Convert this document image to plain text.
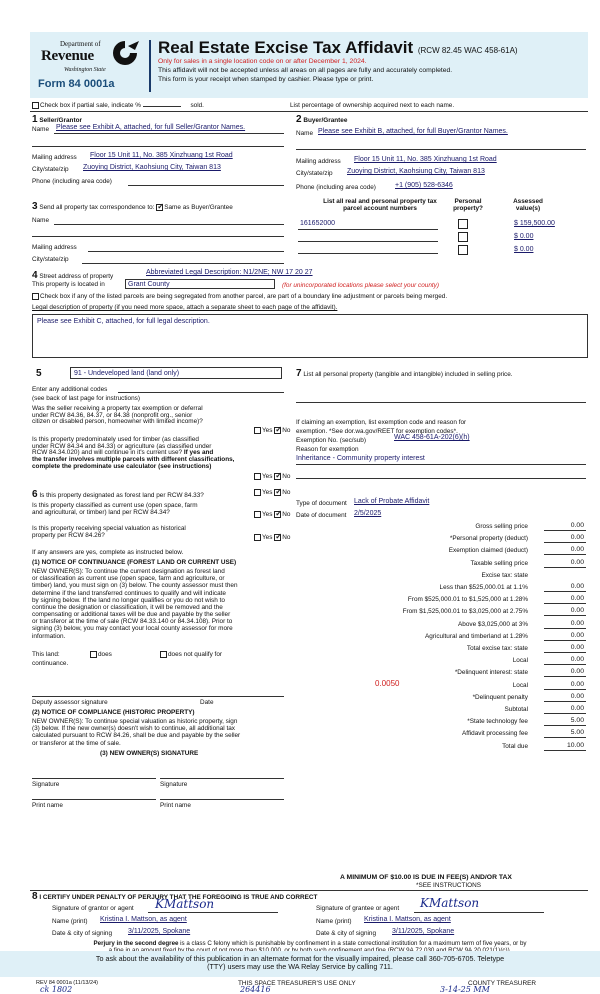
Department of
Revenue
Washington State
Form 84 0001a
Real Estate Excise Tax Affidavit (RCW 82.45 WAC 458-61A)
Only for sales in a single location code on or after December 1, 2024.
This affidavit will not be accepted unless all areas on all pages are fully and accurately completed.
This form is your receipt when stamped by cashier. Please type or print.
Check box if partial sale, indicate %	sold.	List percentage of ownership acquired next to each name.
1 Seller/Grantor
Name Please see Exhibit A, attached, for full Seller/Grantor Names.
Mailing address Floor 15 Unit 11, No. 385 Xinzhuang 1st Road
City/state/zip Zuoying District, Kaohsiung City, Taiwan 813
Phone (including area code)
2 Buyer/Grantee
Name Please see Exhibit B, attached, for full Buyer/Grantor Names.
Mailing address Floor 15 Unit 11, No. 385 Xinzhuang 1st Road
City/state/zip Zuoying District, Kaohsiung City, Taiwan 813
Phone (including area code)	+1 (905) 528-6346
3 Send all property tax correspondence to: ✓ Same as Buyer/Grantee
Name
Mailing address
City/state/zip
List all real and personal property tax
parcel account numbers
Personal
property?
Assessed
value(s)
161652000	$ 159,500.00
$ 0.00
$ 0.00
4 Street address of property
Abbreviated Legal Description: N1/2NE; NW 17 20 27
This property is located in	Grant County	(for unincorporated locations please select your county)
Check box if any of the listed parcels are being segregated from another parcel, are part of a boundary line adjustment or parcels being merged.
Legal description of property (if you need more space, attach a separate sheet to each page of the affidavit).
Please see Exhibit C, attached, for full legal description.
5	91 - Undeveloped land (land only)
Enter any additional codes
(see back of last page for instructions)
Was the seller receiving a property tax exemption or deferral
under RCW 84.36, 84.37, or 84.38 (nonprofit org., senior
citizen or disabled person, homeowner with limited income)?
Yes ✓ No
Is this property predominately used for timber (as classified
under RCW 84.34 and 84.33) or agriculture (as classified under
RCW 84.34.020) and will continue in it's current use? If yes and
the transfer involves multiple parcels with different classifications,
complete the predominate use calculator (see instructions)
Yes ✓ No
6 Is this property designated as forest land per RCW 84.33?	Yes ✓ No
Is this property classified as current use (open space, farm
and agricultural, or timber) land per RCW 84.34?	Yes ✓ No
Is this property receiving special valuation as historical
property per RCW 84.26?	Yes ✓ No
If any answers are yes, complete as instructed below.
(1) NOTICE OF CONTINUANCE (FOREST LAND OR CURRENT USE)
NEW OWNER(S): To continue the current designation as forest land
or classification as current use (open space, farm and agriculture, or
timber) land, you must sign on (3) below. The county assessor must then
determine if the land transferred continues to qualify and will indicate
by signing below. If the land no longer qualifies or you do not wish to
continue the designation or classification, it will be removed and the
compensating or additional taxes will be due and payable by the seller
or transferor at the time of sale (RCW 84.33.140 or 84.34.108). Prior to
signing (3) below, you may contact your local county assessor for more
information.
This land:	does	does not qualify for
continuance.
Deputy assessor signature	Date
(2) NOTICE OF COMPLIANCE (HISTORIC PROPERTY)
NEW OWNER(S): To continue special valuation as historic property, sign
(3) below. If the new owner(s) doesn't wish to continue, all additional tax
calculated pursuant to RCW 84.26, shall be due and payable by the seller
or transferor at the time of sale.
(3) NEW OWNER(S) SIGNATURE
Signature	Signature
Print name	Print name
7 List all personal property (tangible and intangible) included in selling price.
If claiming an exemption, list exemption code and reason for
exemption. *See dor.wa.gov/REET for exemption codes*.
Exemption No. (sec/sub)	WAC 458-61A-202(6)(h)
Reason for exemption
Inheritance - Community property interest
Type of document Lack of Probate Affidavit
Date of document 2/5/2025
Gross selling price	0.00
*Personal property (deduct)	0.00
Exemption claimed (deduct)	0.00
Taxable selling price	0.00
Excise tax: state
Less than $525,000.01 at 1.1%	0.00
From $525,000.01 to $1,525,000 at 1.28%	0.00
From $1,525,000.01 to $3,025,000 at 2.75%	0.00
Above $3,025,000 at 3%	0.00
Agricultural and timberland at 1.28%	0.00
Total excise tax: state	0.00
Local	0.00
*Delinquent interest: state	0.00
Local	0.00
*Delinquent penalty	0.00
Subtotal	0.00
*State technology fee	5.00
Affidavit processing fee	5.00
Total due	10.00
0.0050
A MINIMUM OF $10.00 IS DUE IN FEE(S) AND/OR TAX
*SEE INSTRUCTIONS
8 I CERTIFY UNDER PENALTY OF PERJURY THAT THE FOREGOING IS TRUE AND CORRECT
Signature of grantor or agent KMattson
Name (print) Kristina I. Mattson, as agent
Date & city of signing 3/11/2025, Spokane
Signature of grantee or agent KMattson
Name (print) Kristina I. Mattson, as agent
Date & city of signing 3/11/2025, Spokane
Perjury in the second degree is a class C felony which is punishable by confinement in a state correctional institution for a maximum term of five years, or by

To ask about the availability of this publication in an alternate format for the visually impaired, please call 360-705-6705. Teletype
(TTY) users may use the WA Relay Service by calling 711.
REV 84 0001a (11/13/24)	THIS SPACE TREASURER'S USE ONLY	COUNTY TREASURER
ck 1802	264416	3-14-25 MM
